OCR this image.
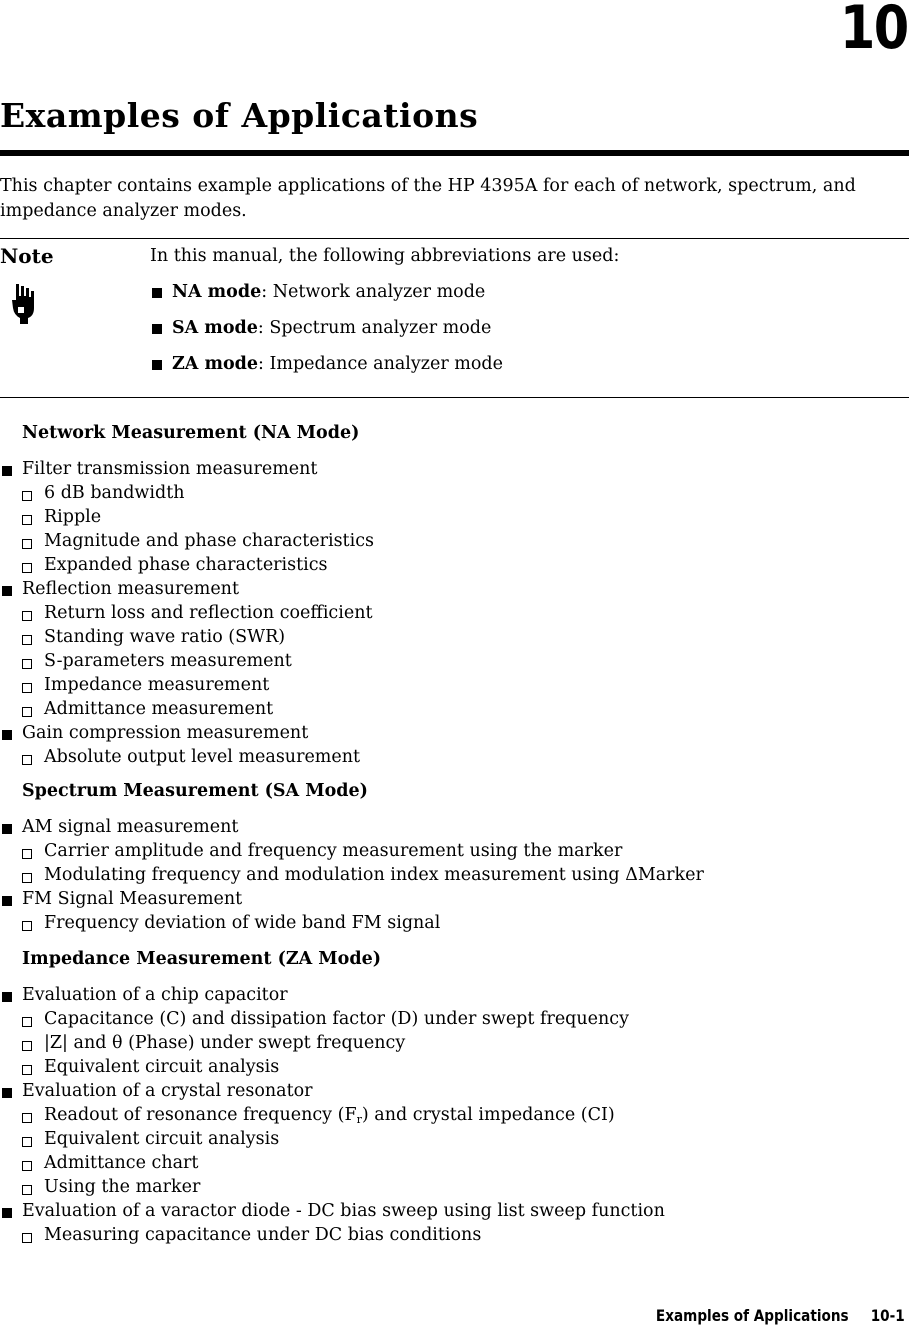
10
Examples of Applications

This chapter contains example applications of the HP 4395A for each of network, spectrum, and impedance analyzer modes.

Note	In this manual, the following abbreviations are used:
NA mode: Network analyzer mode
SA mode: Spectrum analyzer mode
ZA mode: Impedance analyzer mode
Network Measurement (NA Mode)
Filter transmission measurement
6 dB bandwidth
Ripple
Magnitude and phase characteristics
Expanded phase characteristics
Reflection measurement
Return loss and reflection coefficient
Standing wave ratio (SWR)
S-parameters measurement
Impedance measurement
Admittance measurement
Gain compression measurement
Absolute output level measurement
Spectrum Measurement (SA Mode)
AM signal measurement
Carrier amplitude and frequency measurement using the marker
Modulating frequency and modulation index measurement using ΔMarker
FM Signal Measurement
Frequency deviation of wide band FM signal
Impedance Measurement (ZA Mode)
Evaluation of a chip capacitor
Capacitance (C) and dissipation factor (D) under swept frequency
|Z| and θ (Phase) under swept frequency
Equivalent circuit analysis
Evaluation of a crystal resonator
Readout of resonance frequency $(F_r)$ and crystal impedance (CI)
Equivalent circuit analysis
Admittance chart
Using the marker
Evaluation of a varactor diode - DC bias sweep using list sweep function
Measuring capacitance under DC bias conditions
Examples of Applications 10-1
